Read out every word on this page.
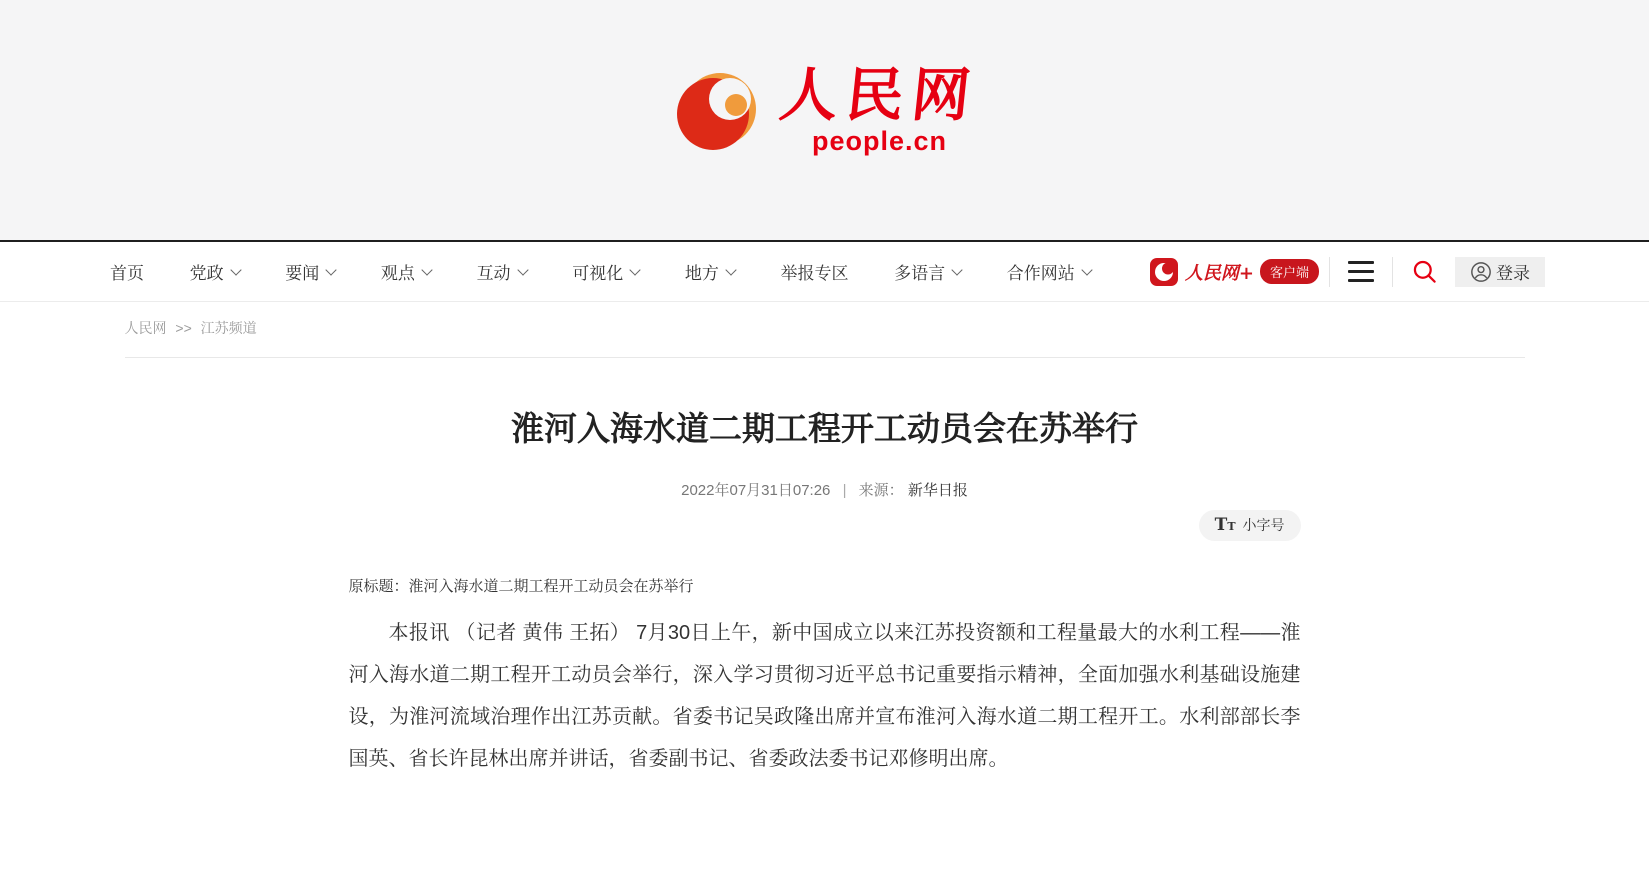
人民网
people.cn
首页	党政	要闻	观点	互动	可视化	地方	举报专区	多语言	合作网站	人民网+	客户端	登录
人民网 >> 江苏频道
淮河入海水道二期工程开工动员会在苏举行
2022年07月31日07:26 | 来源： 新华日报
TT 小字号
原标题：淮河入海水道二期工程开工动员会在苏举行

本报讯 （记者 黄伟 王拓） 7月30日上午，新中国成立以来江苏投资额和工程量最大的水利工程——淮河入海水道二期工程开工动员会举行，深入学习贯彻习近平总书记重要指示精神，全面加强水利基础设施建设，为淮河流域治理作出江苏贡献。省委书记吴政隆出席并宣布淮河入海水道二期工程开工。水利部部长李国英、省长许昆林出席并讲话，省委副书记、省委政法委书记邓修明出席。
